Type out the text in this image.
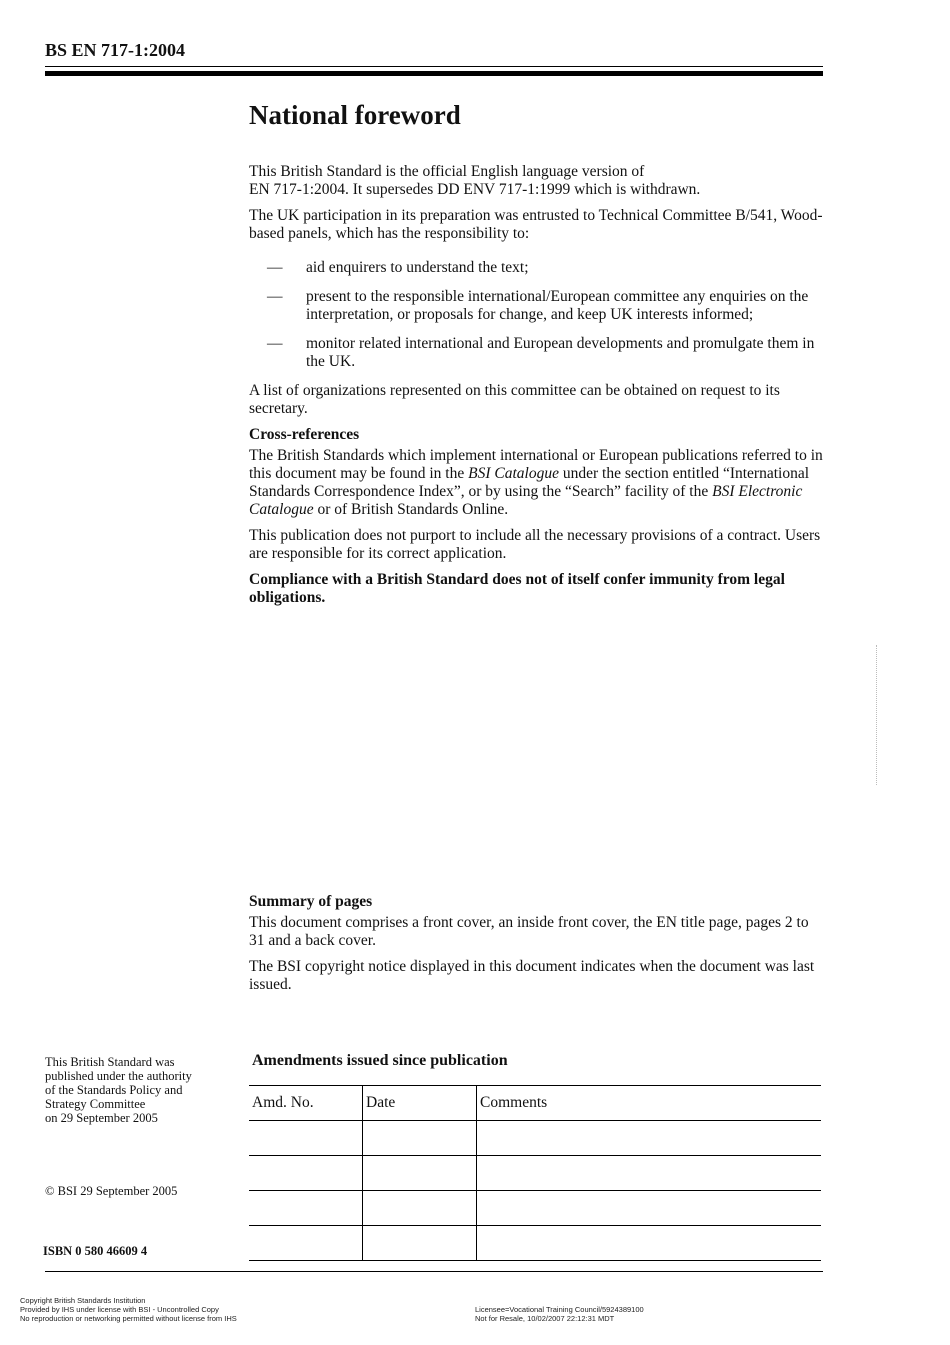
BS EN 717-1:2004
National foreword

This British Standard is the official English language version of
EN 717-1:2004. It supersedes DD ENV 717-1:1999 which is withdrawn.

The UK participation in its preparation was entrusted to Technical Committee B/541, Wood-based panels, which has the responsibility to:

— aid enquirers to understand the text;
— present to the responsible international/European committee any enquiries on the interpretation, or proposals for change, and keep UK interests informed;
— monitor related international and European developments and promulgate them in the UK.

A list of organizations represented on this committee can be obtained on request to its secretary.

Cross-references

The British Standards which implement international or European publications referred to in this document may be found in the BSI Catalogue under the section entitled “International Standards Correspondence Index”, or by using the “Search” facility of the BSI Electronic Catalogue or of British Standards Online.

This publication does not purport to include all the necessary provisions of a contract. Users are responsible for its correct application.

Compliance with a British Standard does not of itself confer immunity from legal obligations.

Summary of pages

This document comprises a front cover, an inside front cover, the EN title page, pages 2 to 31 and a back cover.

The BSI copyright notice displayed in this document indicates when the document was last issued.

This British Standard was
published under the authority
of the Standards Policy and
Strategy Committee
on 29 September 2005
© BSI 29 September 2005
ISBN 0 580 46609 4
Amendments issued since publication
Amd. No.	Date	Comments

Copyright British Standards Institution
Provided by IHS under license with BSI - Uncontrolled Copy
No reproduction or networking permitted without license from IHS
Licensee=Vocational Training Council/5924389100
Not for Resale, 10/02/2007 22:12:31 MDT
